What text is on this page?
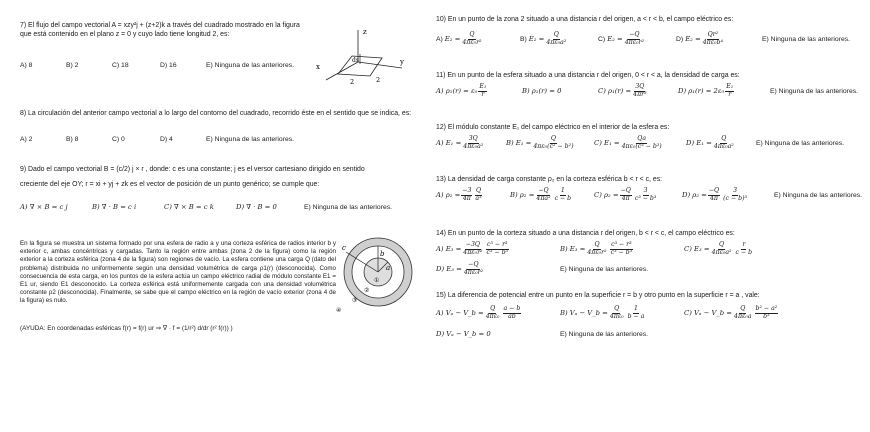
7) El flujo del campo vectorial A = xzy²j + (z+2)k a través del cuadrado mostrado en la figura que está contenido en el plano z = 0 y cuyo lado tiene longitud 2, es:
A) 8	B) 2	C) 18	D) 16	E) Ninguna de las anteriores.
z
y
x
ds
2	2
8) La circulación del anterior campo vectorial a lo largo del contorno del cuadrado, recorrido éste en el sentido que se indica, es:
A) 2	B) 8	C) 0	D) 4	E) Ninguna de las anteriores.
9) Dado el campo vectorial B = (c/2) j × r , donde: c es una constante; j es el versor cartesiano dirigido en sentido
creciente del eje OY; r = xi + yj + zk es el vector de posición de un punto genérico; se cumple que:
A) ∇ × B = c j	B) ∇ · B = c i	C) ∇ × B = c k	D) ∇ · B = 0	E) Ninguna de las anteriores.
En la figura se muestra un sistema formado por una esfera de radio a y una corteza esférica de radios interior b y exterior c, ambas concéntricas y cargadas. Tanto la región entre ambas (zona 2 de la figura) como la región exterior a la corteza esférica (zona 4 de la figura) son regiones de vacío. La esfera contiene una carga Q (dato del problema) distribuida no uniformemente según una densidad volumétrica de carga ρ1(r) (desconocida). Como consecuencia de esta carga, en los puntos de la esfera actúa un campo eléctrico radial de módulo constante E1 = E1 ur, siendo E1 desconocido. La corteza esférica está uniformemente cargada con una densidad volumétrica constante ρ2 (desconocida). Finalmente, se sabe que el campo eléctrico en la región de vacío exterior (zona 4 de la figura) es nulo.
(AYUDA: En coordenadas esféricas f(r) = f(r) ur ⇒ ∇ · f = (1/r²) d/dr (r² f(r)) )
c
b
a
①
②
③
④
10) En un punto de la zona 2 situado a una distancia r del origen, a < r < b, el campo eléctrico es:
A) $E_2 = \frac{Q}{\text{4πε₀r²}}$	B) $E_2 = \frac{Q}{\text{4πε₀a²}}$	C) $E_2 = \frac{-Q}{\text{4πε₀r²}}$	D) $E_2 = \frac{\text{Qr²}}{\text{4πε₀b⁴}}$	E) Ninguna de las anteriores.
11) En un punto de la esfera situado a una distancia r del origen, 0 < r < a, la densidad de carga es:
A) $\rho_1(r) = \varepsilon_0 \frac{\text{E₁}}{r}$	B) ρ₁(r) = 0	C) $\rho_1(r) = \frac{3Q}{\text{4πr³}}$	D) $\rho_1(r) = 2\varepsilon_0 \frac{\text{E₁}}{r}$	E) Ninguna de las anteriores.
12) El módulo constante E₁ del campo eléctrico en el interior de la esfera es:
A) $E_1 = \frac{3Q}{\text{4πε₀a²}}$	B) $E_1 = \frac{Q}{\text{4πε₀(c² − b²)}}$	C) $E_1 = \frac{Qa}{\text{4πε₀(c³ − b³)}}$	D) $E_1 = \frac{Q}{\text{4πε₀a²}}$	E) Ninguna de las anteriores.
13) La densidad de carga constante ρ₂ en la corteza esférica b < r < c, es:
A) $\rho_2 = \frac{-3}{4\pi} \frac{Q}{\text{a³}}$	B) $\rho_2 = \frac{-Q}{\text{4πa²}} \frac{1}{c - b}$	C) $\rho_2 = \frac{-Q}{4\pi} \frac{3}{\text{c³ − b³}}$	D) $\rho_2 = \frac{-Q}{4\pi} \frac{3}{\text{(c − b)³}}$	E) Ninguna de las anteriores.
14) En un punto de la corteza situado a una distancia r del origen, b < r < c, el campo eléctrico es:
A) $E_3 = \frac{-3Q}{\text{4πε₀r²}} \frac{\text{c³ − r³}}{\text{c³ − b³}}$	B) $E_3 = \frac{Q}{\text{4πε₀r²}} \frac{\text{c³ − r³}}{\text{c³ − b³}}$	C) $E_3 = \frac{Q}{\text{4πε₀a²}} \frac{r}{c - b}$
D) $E_3 = \frac{-Q}{\text{4πε₀r²}}$	E) Ninguna de las anteriores.
15) La diferencia de potencial entre un punto en la superficie r = b y otro punto en la superficie r = a , vale:
A) Vₐ − V_b = $\frac{Q}{\text{4πε₀}} \frac{a - b}{ab}$	B) Vₐ − V_b = $\frac{Q}{\text{4πε₀}} \frac{1}{b - a}$	C) Vₐ − V_b = $\frac{Q}{\text{4πε₀a}} \frac{\text{b² − a²}}{\text{b³}}$
D) Vₐ − V_b = 0	E) Ninguna de las anteriores.
